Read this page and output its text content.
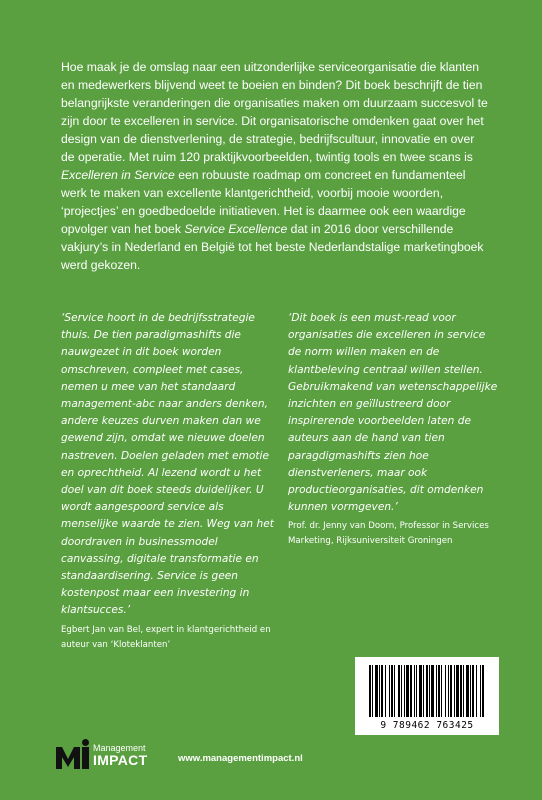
Hoe maak je de omslag naar een uitzonderlijke serviceorganisatie die klanten en medewerkers blijvend weet te boeien en binden? Dit boek beschrijft de tien belangrijkste veranderingen die organisaties maken om duurzaam succesvol te zijn door te excelleren in service. Dit organisatorische omdenken gaat over het design van de dienstverlening, de strategie, bedrijfscultuur, innovatie en over de operatie. Met ruim 120 praktijkvoorbeelden, twintig tools en twee scans is Excelleren in Service een robuuste roadmap om concreet en fundamenteel werk te maken van excellente klantgerichtheid, voorbij mooie woorden, ‘projectjes’ en goedbedoelde initiatieven. Het is daarmee ook een waardige opvolger van het boek Service Excellence dat in 2016 door verschillende vakjury’s in Nederland en België tot het beste Nederlandstalige marketingboek werd gekozen.

‘Service hoort in de bedrijfsstrategie thuis. De tien paradigmashifts die nauwgezet in dit boek worden omschreven, compleet met cases, nemen u mee van het standaard management-abc naar anders denken, andere keuzes durven maken dan we gewend zijn, omdat we nieuwe doelen nastreven. Doelen geladen met emotie en oprechtheid. Al lezend wordt u het doel van dit boek steeds duidelijker. U wordt aangespoord service als menselijke waarde te zien. Weg van het doordraven in businessmodel canvassing, digitale transformatie en standaardisering. Service is geen kostenpost maar een investering in klantsucces.’
Egbert Jan van Bel, expert in klantgerichtheid en auteur van ‘Kloteklanten’
‘Dit boek is een must-read voor organisaties die excelleren in service de norm willen maken en de klantbeleving centraal willen stellen. Gebruikmakend van wetenschappelijke inzichten en geïllustreerd door inspirerende voorbeelden laten de auteurs aan de hand van tien paragdigmashifts zien hoe dienstverleners, maar ook productieorganisaties, dit omdenken kunnen vormgeven.’
Prof. dr. Jenny van Doorn, Professor in Services Marketing, Rijksuniversiteit Groningen
9 789462 763425
Management
IMPACT	www.managementimpact.nl
